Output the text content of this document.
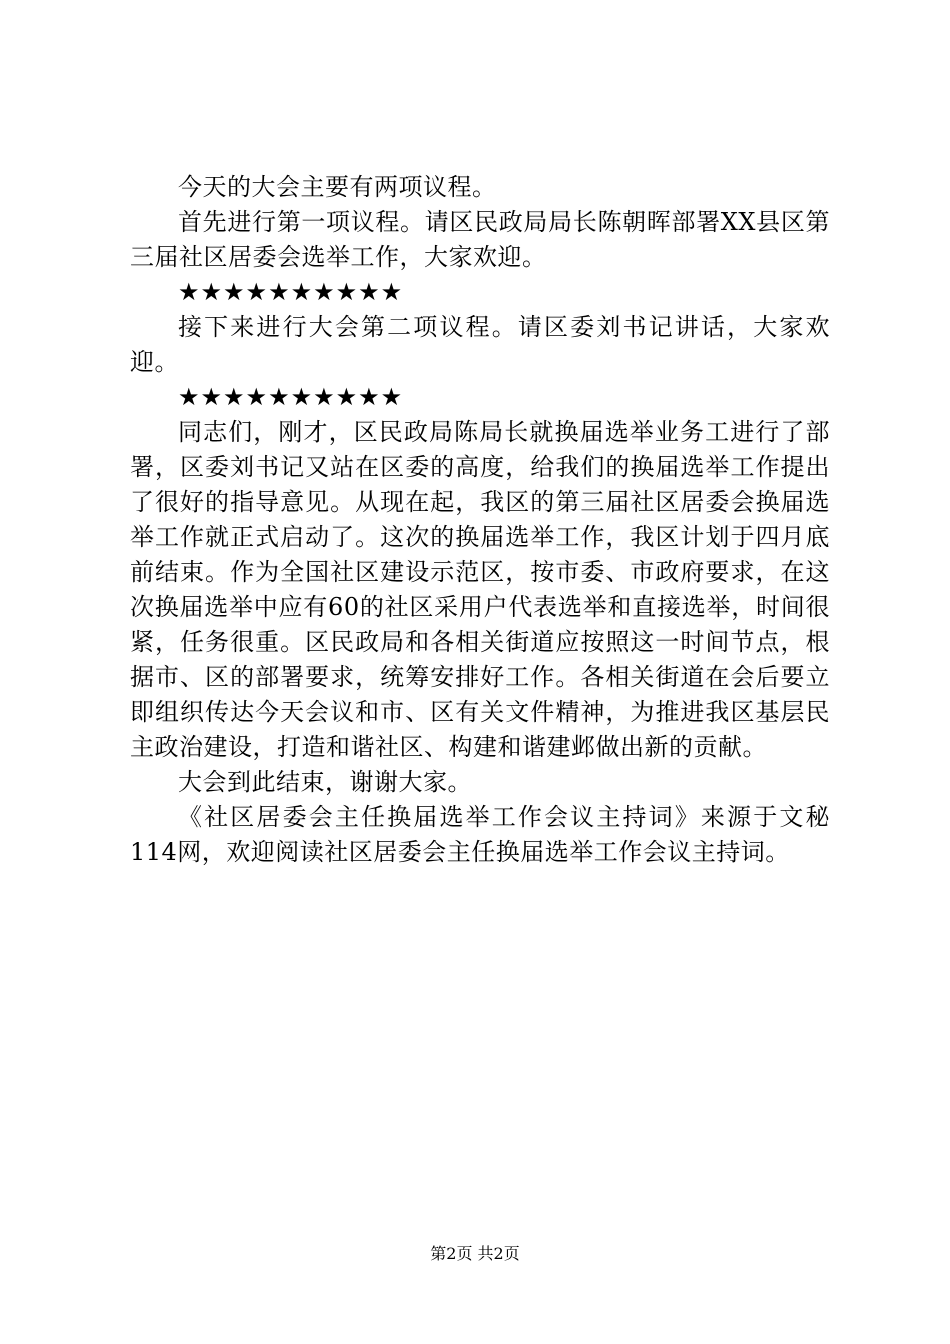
今天的大会主要有两项议程。

首先进行第一项议程。请区民政局局长陈朝晖部署XX县区第三届社区居委会选举工作，大家欢迎。

★★★★★★★★★★

接下来进行大会第二项议程。请区委刘书记讲话，大家欢迎。

★★★★★★★★★★

同志们，刚才，区民政局陈局长就换届选举业务工进行了部署，区委刘书记又站在区委的高度，给我们的换届选举工作提出了很好的指导意见。从现在起，我区的第三届社区居委会换届选举工作就正式启动了。这次的换届选举工作，我区计划于四月底前结束。作为全国社区建设示范区，按市委、市政府要求，在这次换届选举中应有60的社区采用户代表选举和直接选举，时间很紧，任务很重。区民政局和各相关街道应按照这一时间节点，根据市、区的部署要求，统筹安排好工作。各相关街道在会后要立即组织传达今天会议和市、区有关文件精神，为推进我区基层民主政治建设，打造和谐社区、构建和谐建邺做出新的贡献。

大会到此结束，谢谢大家。

《社区居委会主任换届选举工作会议主持词》来源于文秘114网，欢迎阅读社区居委会主任换届选举工作会议主持词。

第2页 共2页
